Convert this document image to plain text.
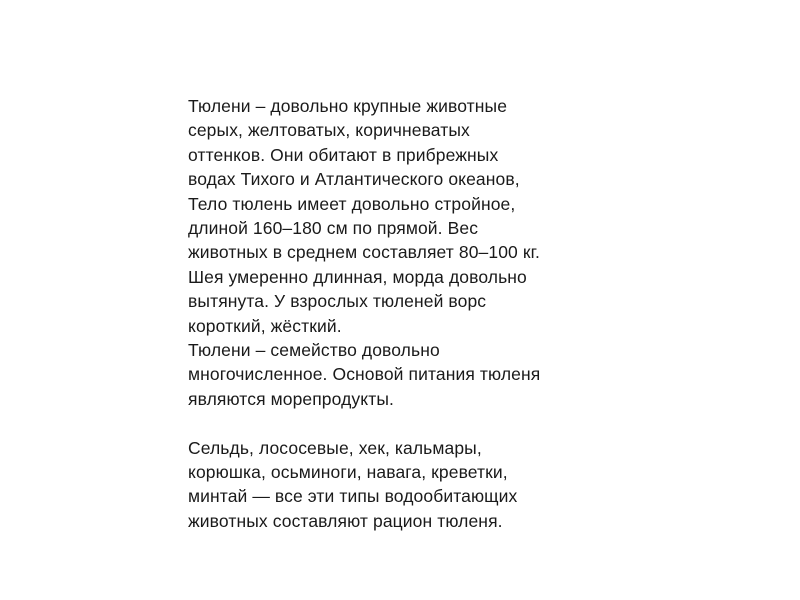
Тюлени – довольно крупные животные
серых, желтоватых, коричневатых
оттенков. Они обитают в прибрежных
водах Тихого и Атлантического океанов,
Тело тюлень имеет довольно стройное,
длиной 160–180 см по прямой. Вес
животных в среднем составляет 80–100 кг.
Шея умеренно длинная, морда довольно
вытянута. У взрослых тюленей ворс
короткий, жёсткий.
Тюлени – семейство довольно
многочисленное. Основой питания тюленя
являются морепродукты.
Сельдь, лососевые, хек, кальмары,
корюшка, осьминоги, навага, креветки,
минтай — все эти типы водообитающих
животных составляют рацион тюленя.
